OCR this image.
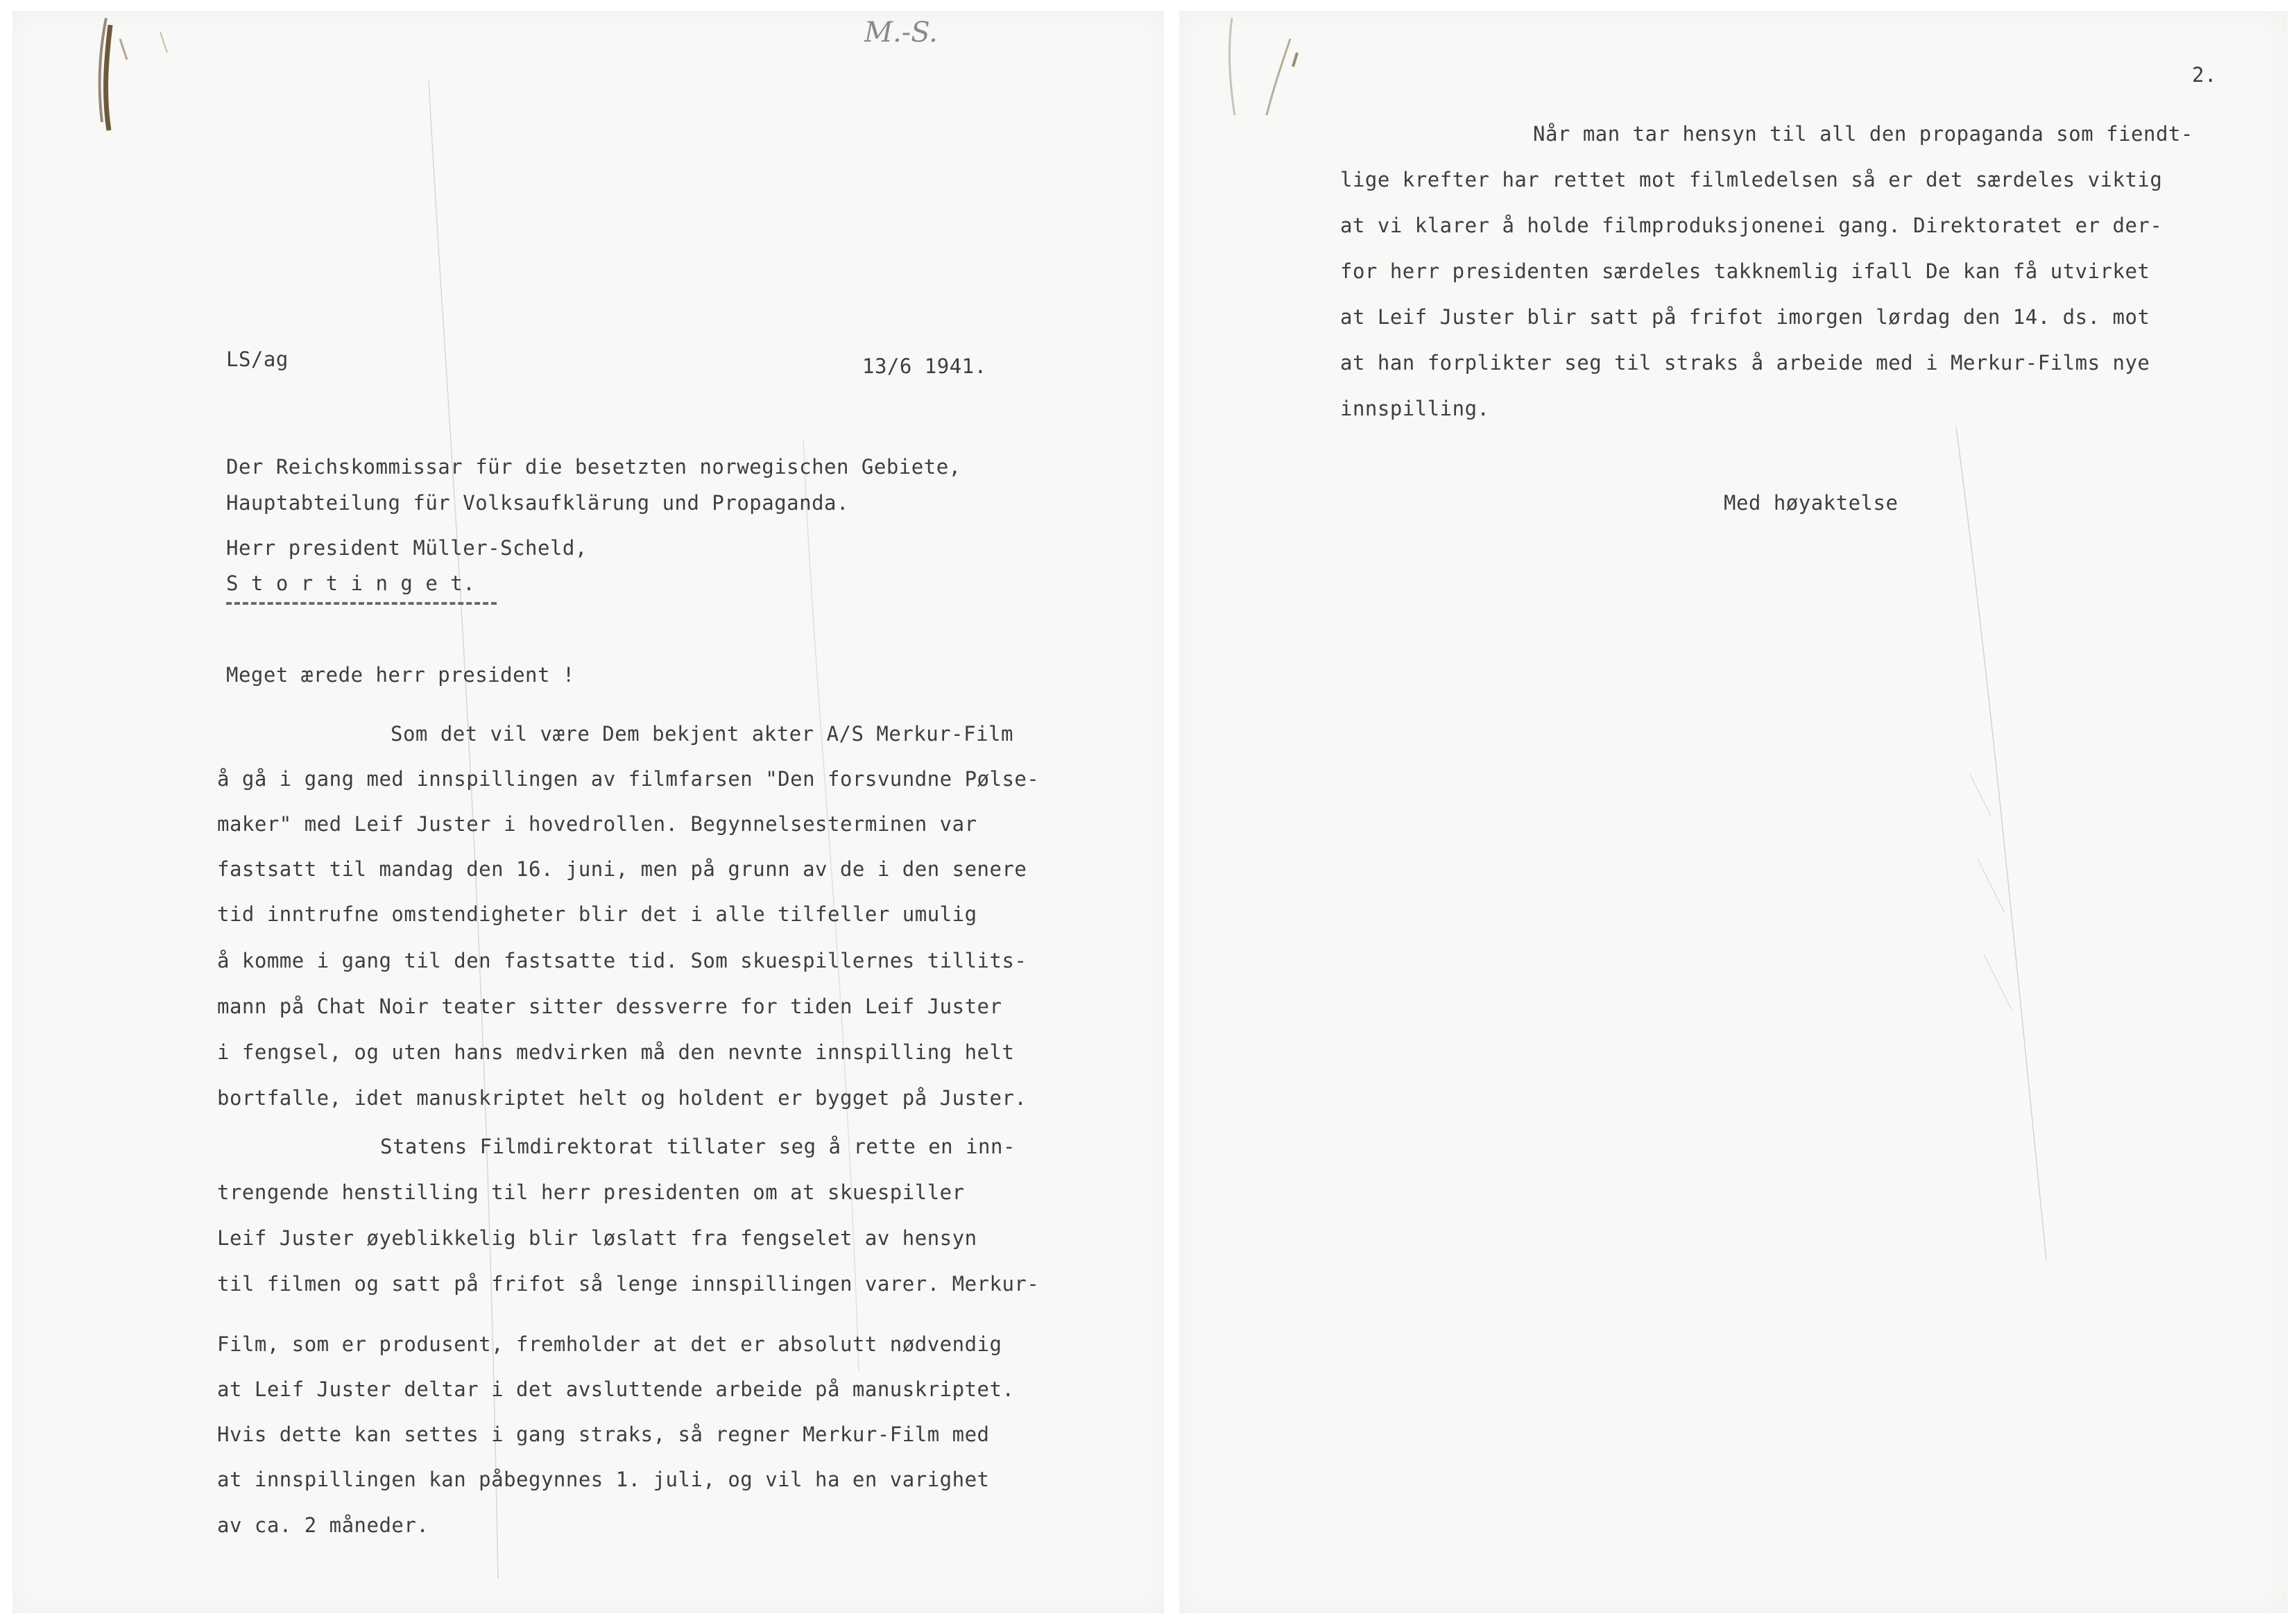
M.-S.
LS/ag	13/6 1941.
Der Reichskommissar für die besetzten norwegischen Gebiete,
Hauptabteilung für Volksaufklärung und Propaganda.
Herr president Müller-Scheld,
S t o r t i n g e t.
Meget ærede herr president !
Som det vil være Dem bekjent akter A/S Merkur-Film
å gå i gang med innspillingen av filmfarsen "Den forsvundne Pølse-
maker" med Leif Juster i hovedrollen. Begynnelsesterminen var
fastsatt til mandag den 16. juni, men på grunn av de i den senere
tid inntrufne omstendigheter blir det i alle tilfeller umulig
å komme i gang til den fastsatte tid. Som skuespillernes tillits-
mann på Chat Noir teater sitter dessverre for tiden Leif Juster
i fengsel, og uten hans medvirken må den nevnte innspilling helt
bortfalle, idet manuskriptet helt og holdent er bygget på Juster.
Statens Filmdirektorat tillater seg å rette en inn-
trengende henstilling til herr presidenten om at skuespiller
Leif Juster øyeblikkelig blir løslatt fra fengselet av hensyn
til filmen og satt på frifot så lenge innspillingen varer. Merkur-
Film, som er produsent, fremholder at det er absolutt nødvendig
at Leif Juster deltar i det avsluttende arbeide på manuskriptet.
Hvis dette kan settes i gang straks, så regner Merkur-Film med
at innspillingen kan påbegynnes 1. juli, og vil ha en varighet
av ca. 2 måneder.
2.
Når man tar hensyn til all den propaganda som fiendt-
lige krefter har rettet mot filmledelsen så er det særdeles viktig
at vi klarer å holde filmproduksjonenei gang. Direktoratet er der-
for herr presidenten særdeles takknemlig ifall De kan få utvirket
at Leif Juster blir satt på frifot imorgen lørdag den 14. ds. mot
at han forplikter seg til straks å arbeide med i Merkur-Films nye
innspilling.
Med høyaktelse
